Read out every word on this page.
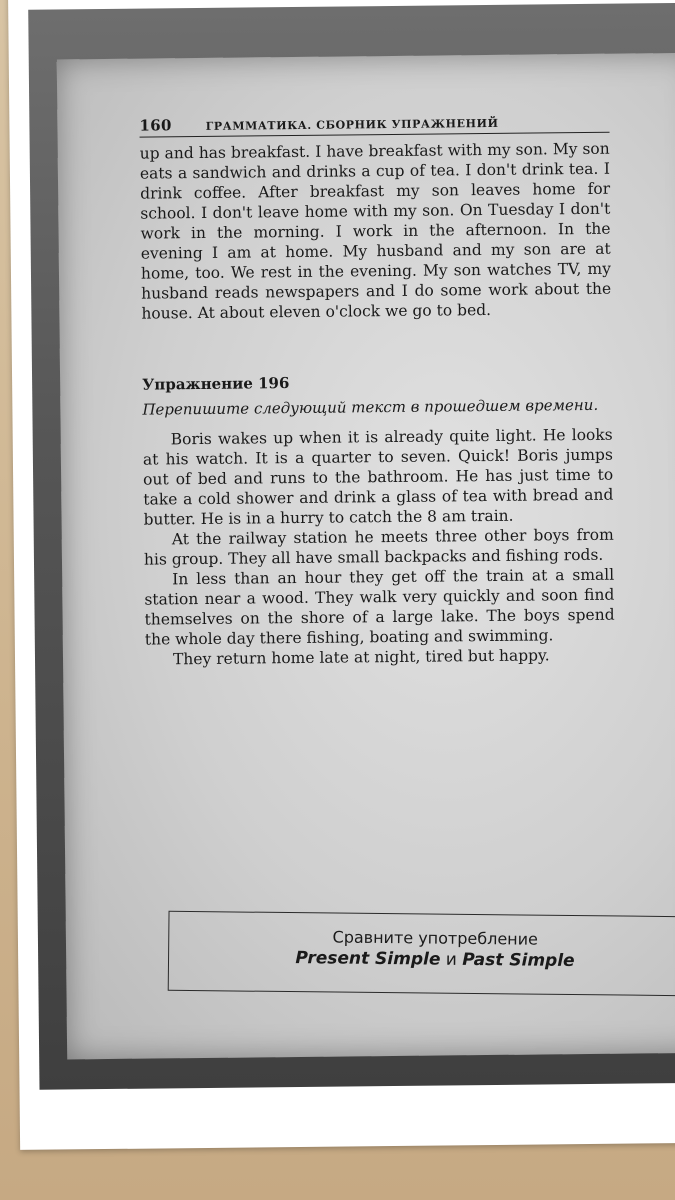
160	ГРАММАТИКА. СБОРНИК УПРАЖНЕНИЙ

up and has breakfast. I have breakfast with my son. My son eats a sandwich and drinks a cup of tea. I don't drink tea. I drink coffee. After breakfast my son leaves home for school. I don't leave home with my son. On Tuesday I don't work in the morning. I work in the afternoon. In the evening I am at home. My husband and my son are at home, too. We rest in the evening. My son watches TV, my husband reads newspapers and I do some work about the house. At about eleven o'clock we go to bed.

Упражнение 196

Перепишите следующий текст в прошедшем времени.

Boris wakes up when it is already quite light. He looks at his watch. It is a quarter to seven. Quick! Boris jumps out of bed and runs to the bathroom. He has just time to take a cold shower and drink a glass of tea with bread and butter. He is in a hurry to catch the 8 am train.

At the railway station he meets three other boys from his group. They all have small backpacks and fishing rods.

In less than an hour they get off the train at a small station near a wood. They walk very quickly and soon find themselves on the shore of a large lake. The boys spend the whole day there fishing, boating and swimming.

They return home late at night, tired but happy.

Сравните употребление
Present Simple и Past Simple
